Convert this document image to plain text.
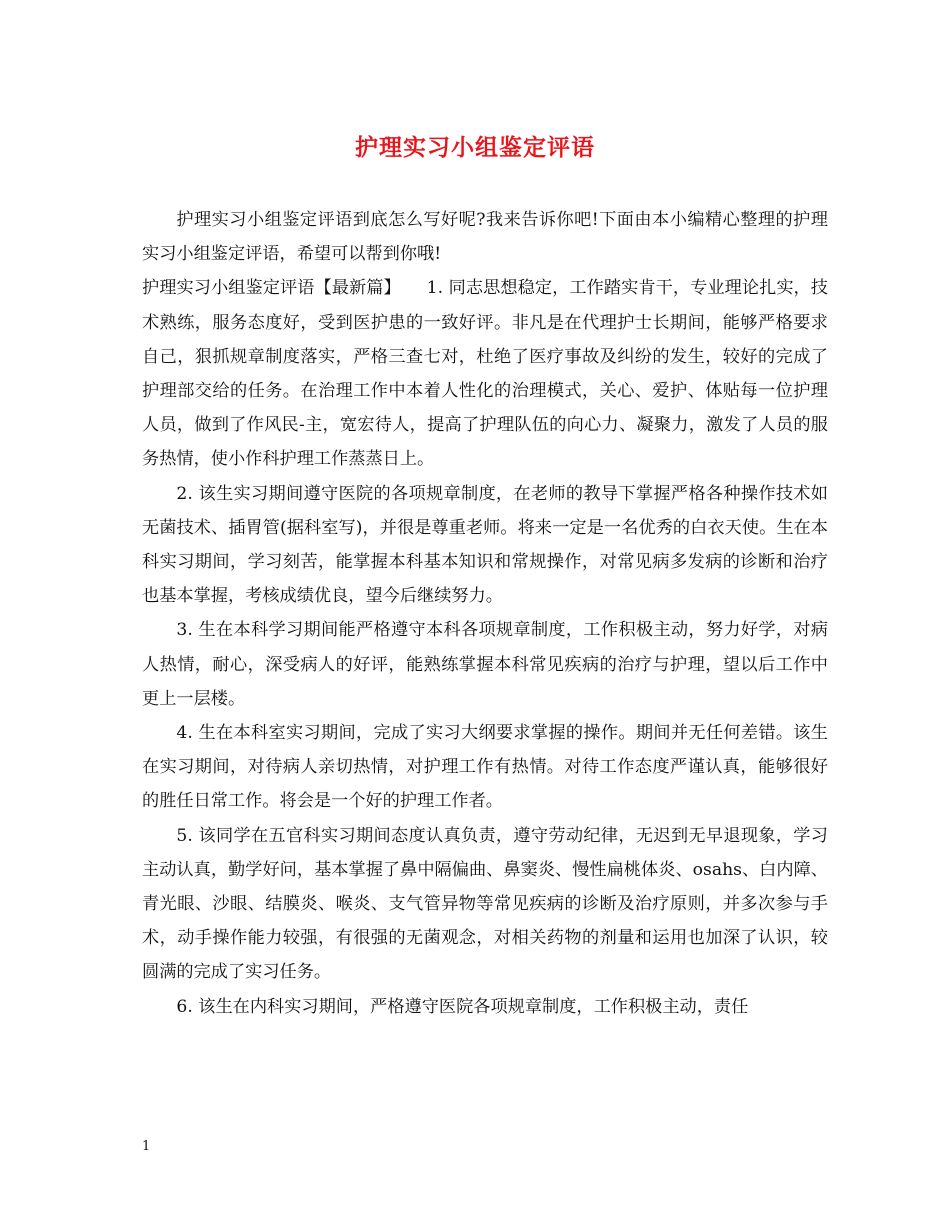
护理实习小组鉴定评语

护理实习小组鉴定评语到底怎么写好呢?我来告诉你吧!下面由本小编精心整理的护理实习小组鉴定评语，希望可以帮到你哦!

护理实习小组鉴定评语【最新篇】　　1. 同志思想稳定，工作踏实肯干，专业理论扎实，技术熟练，服务态度好，受到医护患的一致好评。非凡是在代理护士长期间，能够严格要求自己，狠抓规章制度落实，严格三查七对，杜绝了医疗事故及纠纷的发生，较好的完成了护理部交给的任务。在治理工作中本着人性化的治理模式，关心、爱护、体贴每一位护理人员，做到了作风民-主，宽宏待人，提高了护理队伍的向心力、凝聚力，激发了人员的服务热情，使小作科护理工作蒸蒸日上。

2. 该生实习期间遵守医院的各项规章制度，在老师的教导下掌握严格各种操作技术如无菌技术、插胃管(据科室写)，并很是尊重老师。将来一定是一名优秀的白衣天使。生在本科实习期间，学习刻苦，能掌握本科基本知识和常规操作，对常见病多发病的诊断和治疗也基本掌握，考核成绩优良，望今后继续努力。

3. 生在本科学习期间能严格遵守本科各项规章制度，工作积极主动，努力好学，对病人热情，耐心，深受病人的好评，能熟练掌握本科常见疾病的治疗与护理，望以后工作中更上一层楼。

4. 生在本科室实习期间，完成了实习大纲要求掌握的操作。期间并无任何差错。该生在实习期间，对待病人亲切热情，对护理工作有热情。对待工作态度严谨认真，能够很好的胜任日常工作。将会是一个好的护理工作者。

5. 该同学在五官科实习期间态度认真负责，遵守劳动纪律，无迟到无早退现象，学习主动认真，勤学好问，基本掌握了鼻中隔偏曲、鼻窦炎、慢性扁桃体炎、osahs、白内障、青光眼、沙眼、结膜炎、喉炎、支气管异物等常见疾病的诊断及治疗原则，并多次参与手术，动手操作能力较强，有很强的无菌观念，对相关药物的剂量和运用也加深了认识，较圆满的完成了实习任务。

6. 该生在内科实习期间，严格遵守医院各项规章制度，工作积极主动，责任

1
